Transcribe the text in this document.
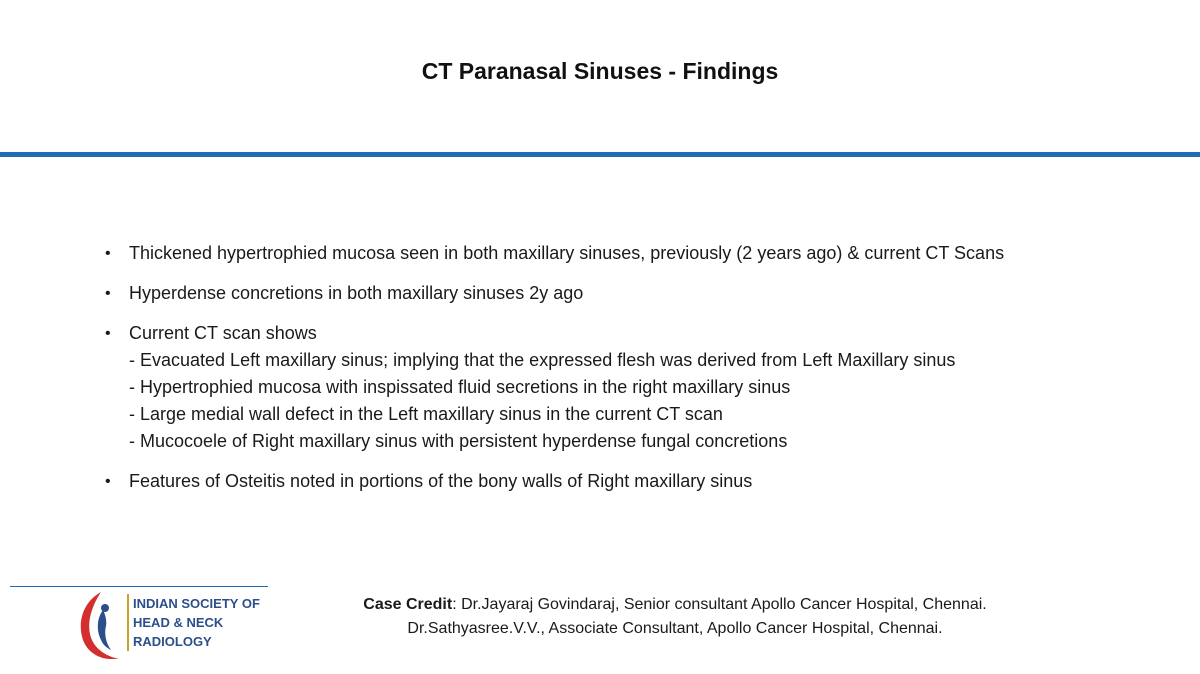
CT Paranasal Sinuses - Findings
• Thickened hypertrophied mucosa seen in both maxillary sinuses, previously (2 years ago) & current CT Scans
• Hyperdense concretions in both maxillary sinuses 2y ago
• Current CT scan shows
- Evacuated Left maxillary sinus; implying that the expressed flesh was derived from Left Maxillary sinus
- Hypertrophied mucosa with inspissated fluid secretions in the right maxillary sinus
- Large medial wall defect in the Left maxillary sinus in the current CT scan
- Mucocoele of Right maxillary sinus with persistent hyperdense fungal concretions
• Features of Osteitis noted in portions of the bony walls of Right maxillary sinus
INDIAN SOCIETY OF
HEAD & NECK
RADIOLOGY
Case Credit: Dr.Jayaraj Govindaraj, Senior consultant Apollo Cancer Hospital, Chennai.
Dr.Sathyasree.V.V., Associate Consultant, Apollo Cancer Hospital, Chennai.
